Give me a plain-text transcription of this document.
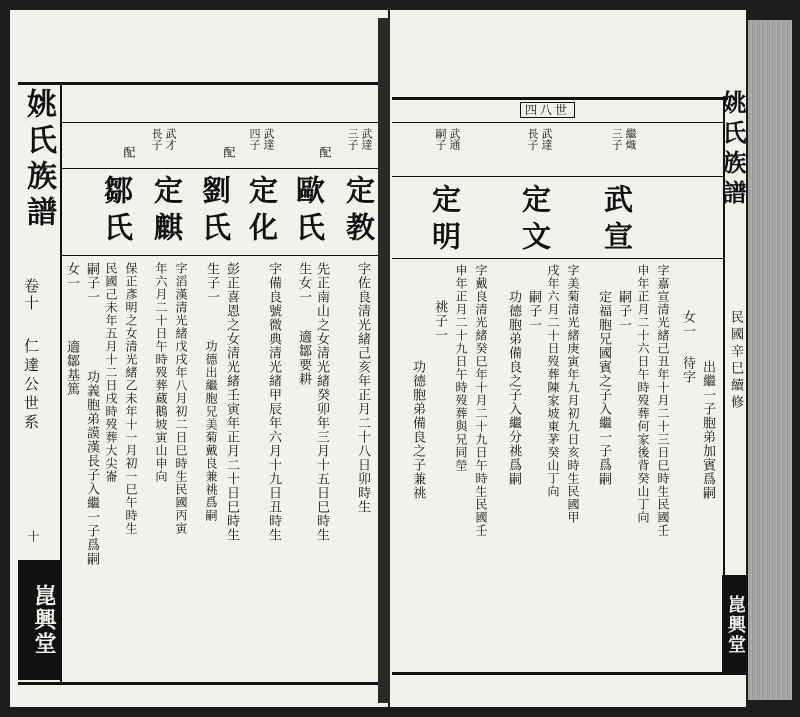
姚氏族譜
卷十
仁達公世系
十
崑興堂
武達
三子
武達
四子
武才
長子
配
配
配
定教
歐氏
定化
劉氏
定麒
鄒氏
字佐良清光緒己亥年正月二十八日卯時生
先正南山之女清光緒癸卯年三月十五日巳時生
生女一
適鄒要耕
字備良號微典清光緒甲辰年六月十九日丑時生
彭正喜恩之女清光緒壬寅年正月二十日巳時生
生子一
功德出繼胞兄美菊戴良兼祧爲嗣
字滔漢清光緒戊戌年八月初二日巳時生民國丙寅
年六月二十日午時歿葬蔵鵝坡寅山申向
保正彥明之女清光緒乙未年十一月初一巳午時生
民國己未年五月十二日戌時歿葬大尖崙
嗣子一
功義胞弟謨漢長子入繼一子爲嗣
女一
適鄒基篤
姚氏族譜
民國辛巳續修
崑興堂
四八世
繼熾
三子
武達
長子
武通
嗣子
武宣
定文
定明
出繼一子胞弟加賓爲嗣
女一
待字
字嘉宣清光緒己丑年十月二十三日巳時生民國壬
申年正月二十六日午時歿葬何家後背癸山丁向
嗣子一
定福胞兄國賓之子入繼一子爲嗣
字美菊清光緒庚寅年九月初九日亥時生民國甲
戌年六月二十日歿葬陳家坡東茅癸山丁向
嗣子一
功德胞弟備良之子入繼分祧爲嗣
字戴良清光緒癸巳年十月二十九日午時生民國壬
申年正月二十九日午時歿葬與兄同塋
祧子一
功德胞弟備良之子兼祧
